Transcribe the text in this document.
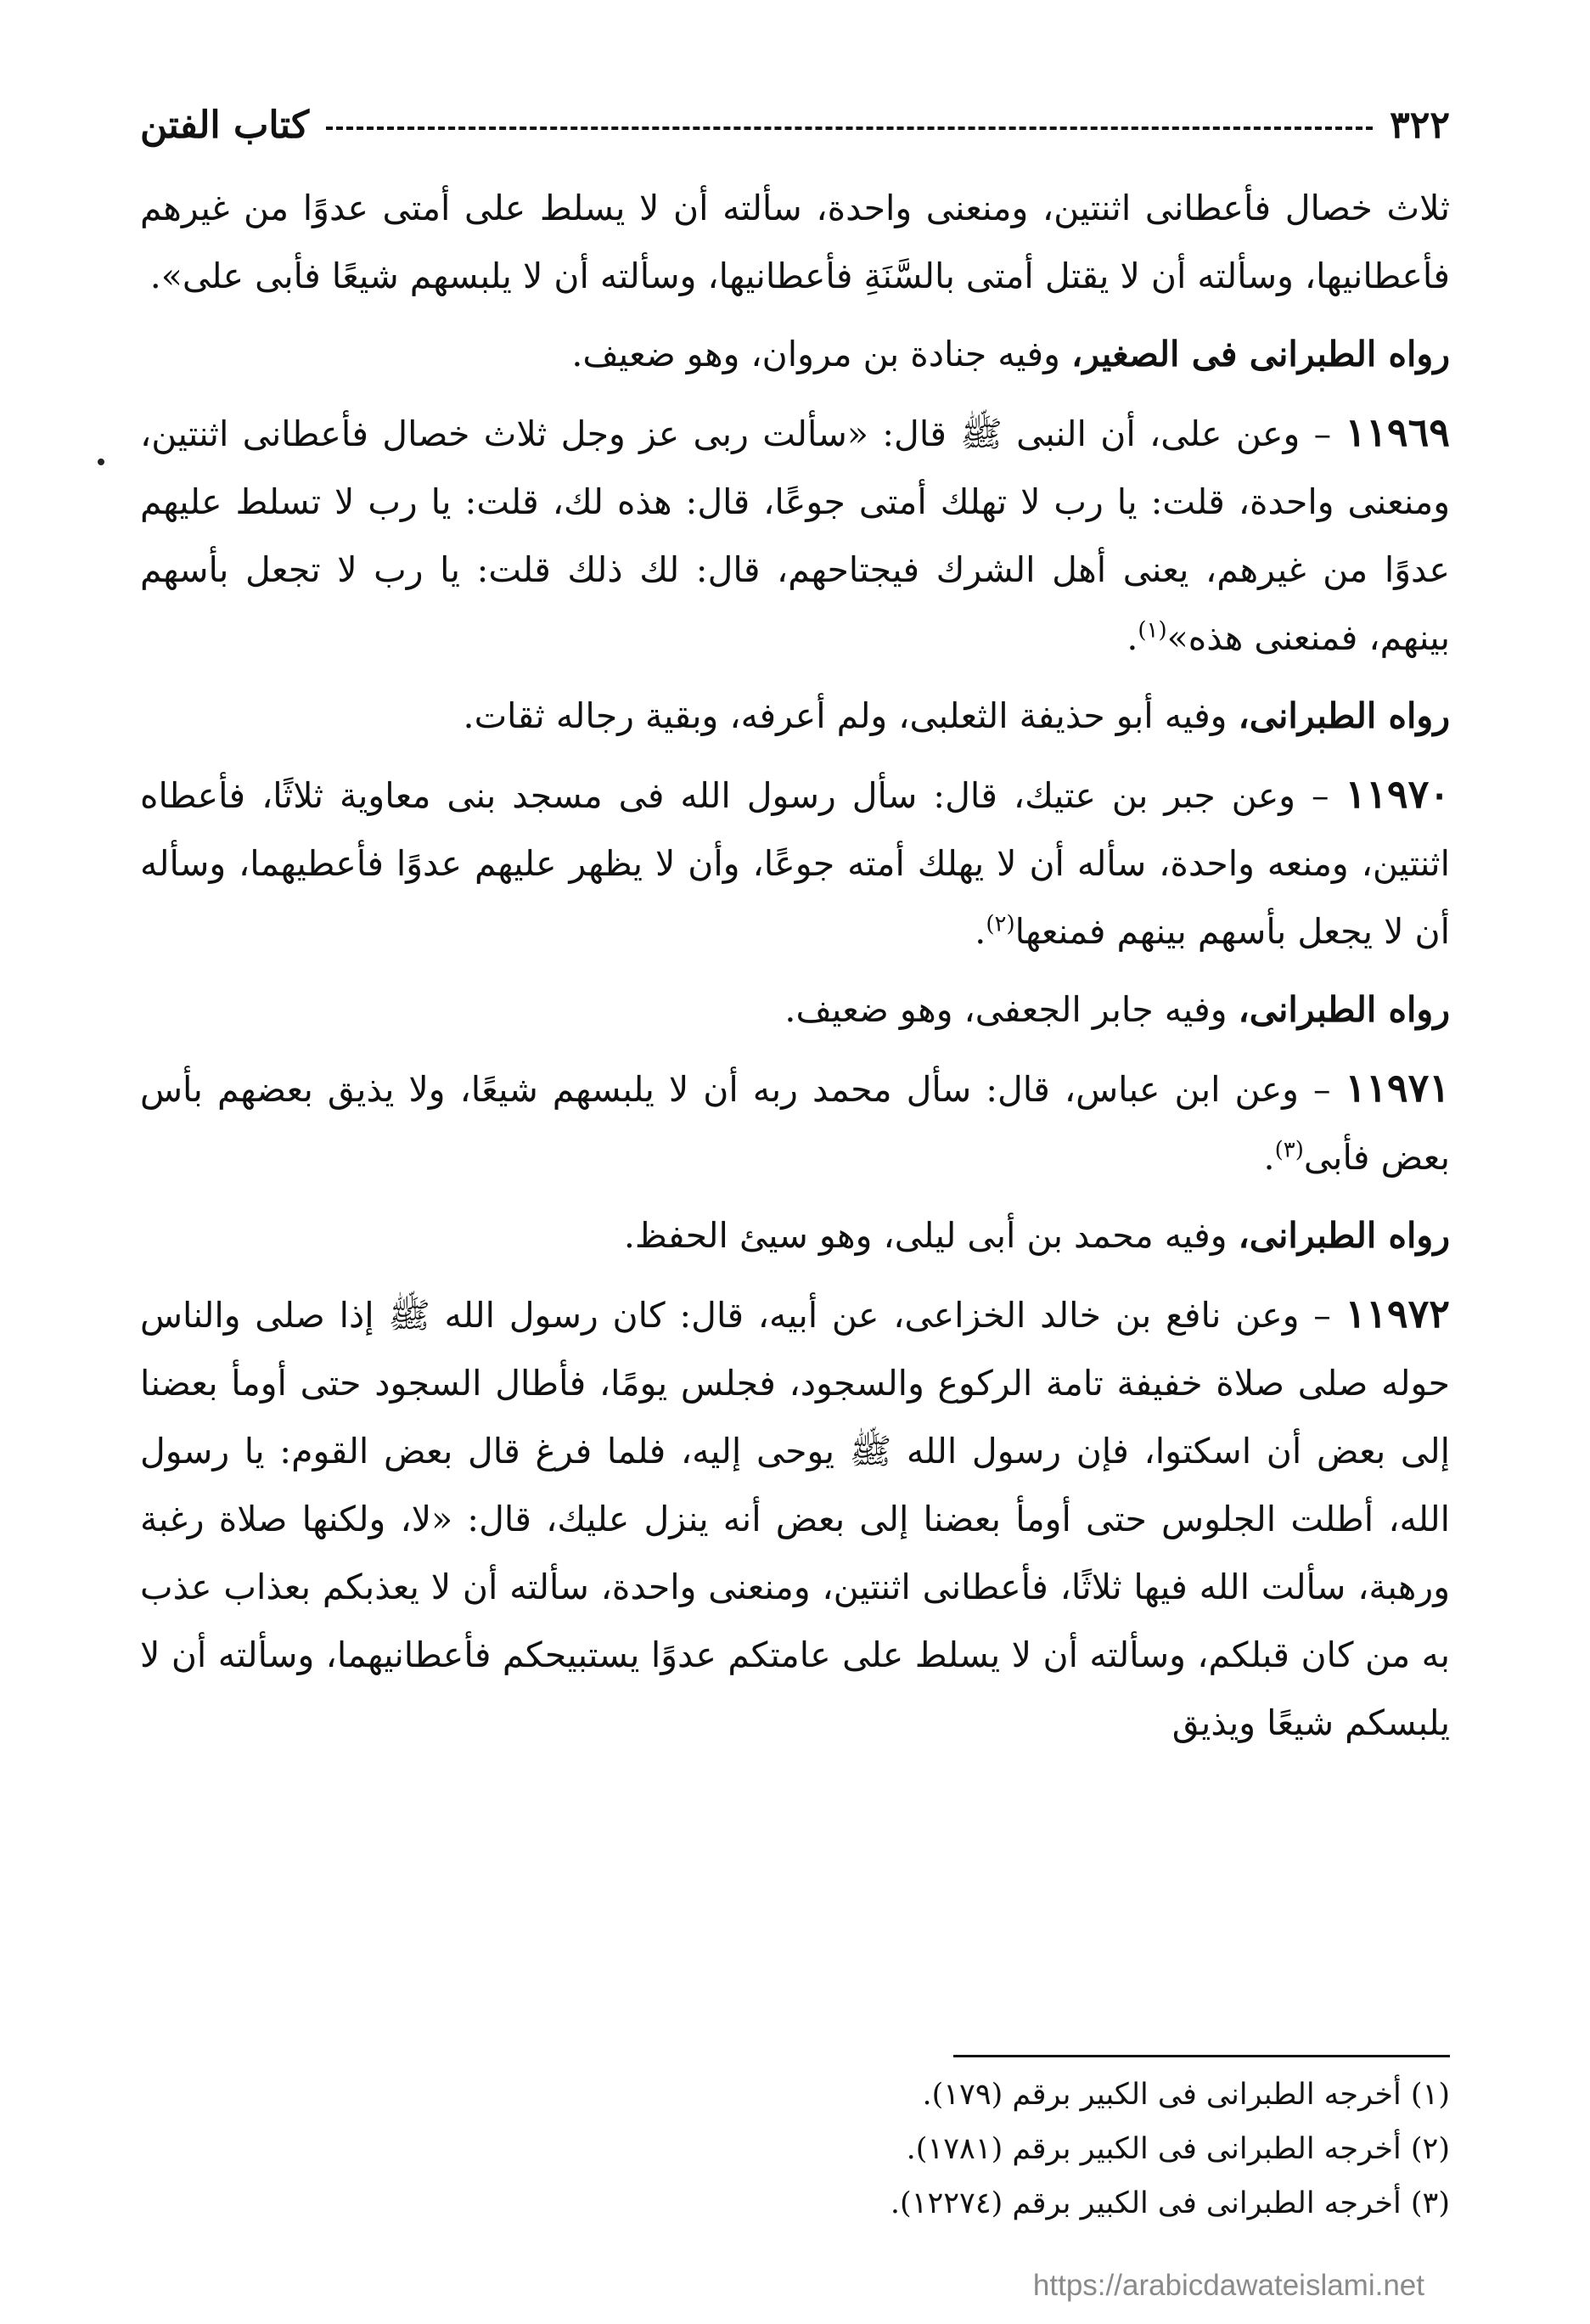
٣٢٢
كتاب الفتن

ثلاث خصال فأعطانى اثنتين، ومنعنى واحدة، سألته أن لا يسلط على أمتى عدوًا من غيرهم فأعطانيها، وسألته أن لا يقتل أمتى بالسَّنَةِ فأعطانيها، وسألته أن لا يلبسهم شيعًا فأبى على».

رواه الطبرانى فى الصغير، وفيه جنادة بن مروان، وهو ضعيف.

١١٩٦٩ – وعن على، أن النبى ﷺ قال: «سألت ربى عز وجل ثلاث خصال فأعطانى اثنتين، ومنعنى واحدة، قلت: يا رب لا تهلك أمتى جوعًا، قال: هذه لك، قلت: يا رب لا تسلط عليهم عدوًا من غيرهم، يعنى أهل الشرك فيجتاحهم، قال: لك ذلك قلت: يا رب لا تجعل بأسهم بينهم، فمنعنى هذه»$^{(١)}$.

رواه الطبرانى، وفيه أبو حذيفة الثعلبى، ولم أعرفه، وبقية رجاله ثقات.

١١٩٧٠ – وعن جبر بن عتيك، قال: سأل رسول الله فى مسجد بنى معاوية ثلاثًا، فأعطاه اثنتين، ومنعه واحدة، سأله أن لا يهلك أمته جوعًا، وأن لا يظهر عليهم عدوًا فأعطيهما، وسأله أن لا يجعل بأسهم بينهم فمنعها$^{(٢)}$.

رواه الطبرانى، وفيه جابر الجعفى، وهو ضعيف.

١١٩٧١ – وعن ابن عباس، قال: سأل محمد ربه أن لا يلبسهم شيعًا، ولا يذيق بعضهم بأس بعض فأبى$^{(٣)}$.

رواه الطبرانى، وفيه محمد بن أبى ليلى، وهو سيئ الحفظ.

١١٩٧٢ – وعن نافع بن خالد الخزاعى، عن أبيه، قال: كان رسول الله ﷺ إذا صلى والناس حوله صلى صلاة خفيفة تامة الركوع والسجود، فجلس يومًا، فأطال السجود حتى أومأ بعضنا إلى بعض أن اسكتوا، فإن رسول الله ﷺ يوحى إليه، فلما فرغ قال بعض القوم: يا رسول الله، أطلت الجلوس حتى أومأ بعضنا إلى بعض أنه ينزل عليك، قال: «لا، ولكنها صلاة رغبة ورهبة، سألت الله فيها ثلاثًا، فأعطانى اثنتين، ومنعنى واحدة، سألته أن لا يعذبكم بعذاب عذب به من كان قبلكم، وسألته أن لا يسلط على عامتكم عدوًا يستبيحكم فأعطانيهما، وسألته أن لا يلبسكم شيعًا ويذيق

(١) أخرجه الطبرانى فى الكبير برقم (١٧٩).
(٢) أخرجه الطبرانى فى الكبير برقم (١٧٨١).
(٣) أخرجه الطبرانى فى الكبير برقم (١٢٢٧٤).
https://arabicdawateislami.net
